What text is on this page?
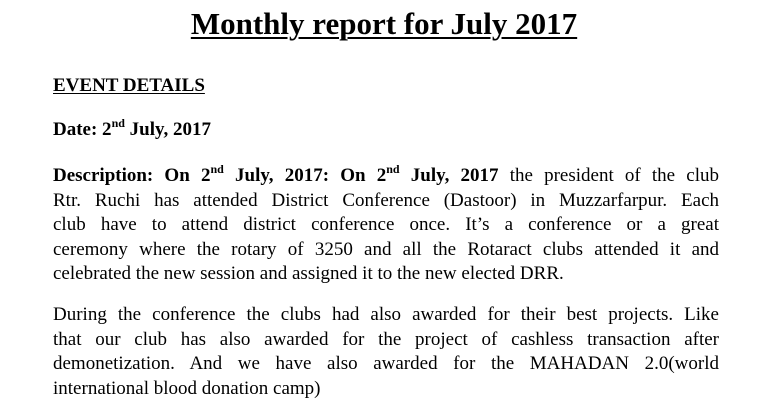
Monthly report for July 2017
EVENT DETAILS

Date: 2nd July, 2017

Description: On 2nd July, 2017: On 2nd July, 2017 the president of the club
Rtr. Ruchi has attended District Conference (Dastoor) in Muzzarfarpur. Each
club have to attend district conference once. It’s a conference or a great
ceremony where the rotary of 3250 and all the Rotaract clubs attended it and
celebrated the new session and assigned it to the new elected DRR.
During the conference the clubs had also awarded for their best projects. Like
that our club has also awarded for the project of cashless transaction after
demonetization. And we have also awarded for the MAHADAN 2.0(world
international blood donation camp)
